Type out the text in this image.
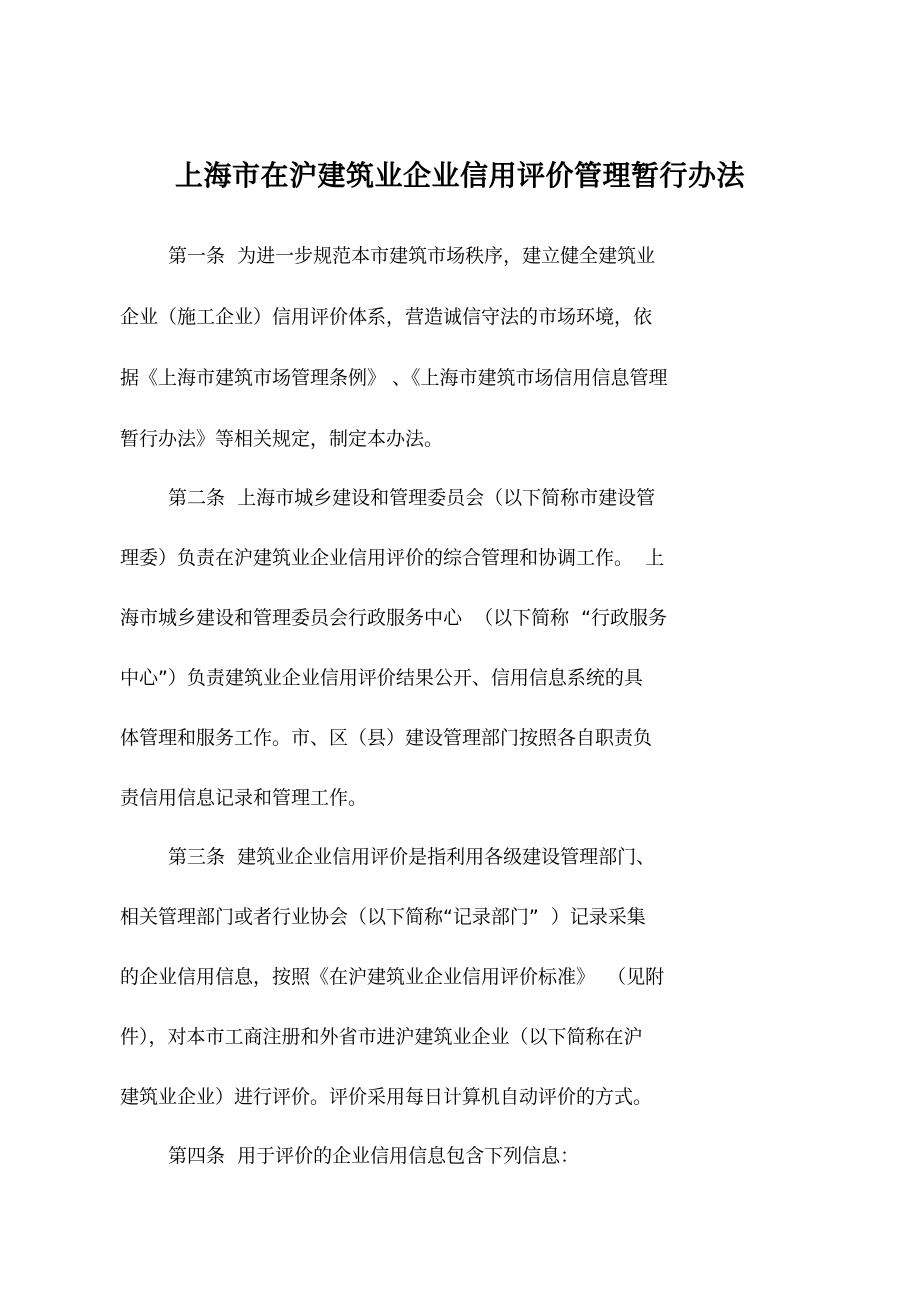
上海市在沪建筑业企业信用评价管理暂行办法
第一条  为进一步规范本市建筑市场秩序，建立健全建筑业
企业（施工企业）信用评价体系，营造诚信守法的市场环境，依
据《上海市建筑市场管理条例》 、《上海市建筑市场信用信息管理
暂行办法》等相关规定，制定本办法。
第二条  上海市城乡建设和管理委员会（以下简称市建设管
理委）负责在沪建筑业企业信用评价的综合管理和协调工作。  上
海市城乡建设和管理委员会行政服务中心  （以下简称  “行政服务
中心”）负责建筑业企业信用评价结果公开、信用信息系统的具
体管理和服务工作。市、区（县）建设管理部门按照各自职责负
责信用信息记录和管理工作。
第三条  建筑业企业信用评价是指利用各级建设管理部门、
相关管理部门或者行业协会（以下简称“记录部门”  ）记录采集
的企业信用信息，按照《在沪建筑业企业信用评价标准》  （见附
件），对本市工商注册和外省市进沪建筑业企业（以下简称在沪
建筑业企业）进行评价。评价采用每日计算机自动评价的方式。
第四条  用于评价的企业信用信息包含下列信息：
